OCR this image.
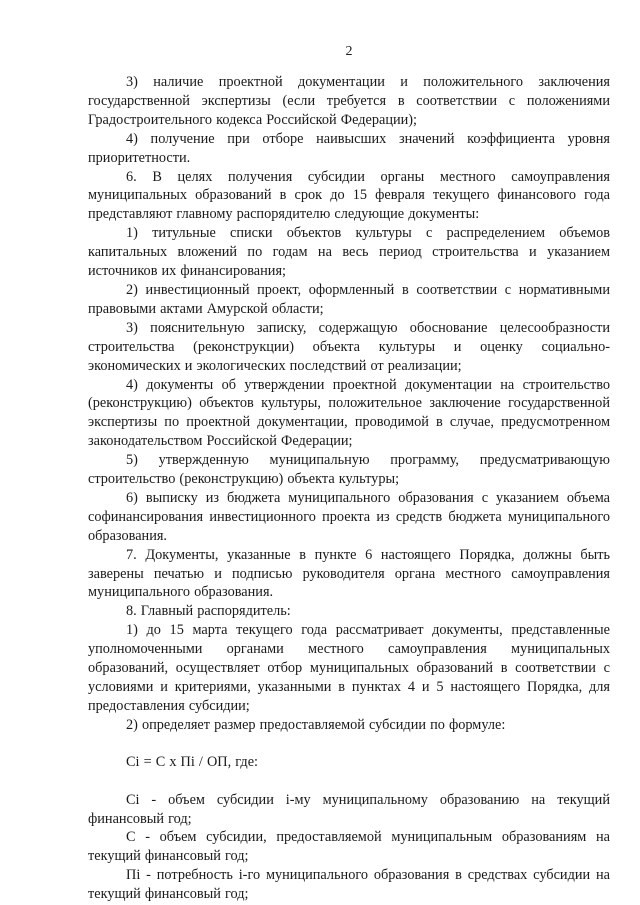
2

3) наличие проектной документации и положительного заключения государственной экспертизы (если требуется в соответствии с положениями Градостроительного кодекса Российской Федерации);

4) получение при отборе наивысших значений коэффициента уровня приоритетности.

6. В целях получения субсидии органы местного самоуправления муниципальных образований в срок до 15 февраля текущего финансового года представляют главному распорядителю следующие документы:

1) титульные списки объектов культуры с распределением объемов капитальных вложений по годам на весь период строительства и указанием источников их финансирования;

2) инвестиционный проект, оформленный в соответствии с нормативными правовыми актами Амурской области;

3) пояснительную записку, содержащую обоснование целесообразности строительства (реконструкции) объекта культуры и оценку социально-экономических и экологических последствий от реализации;

4) документы об утверждении проектной документации на строительство (реконструкцию) объектов культуры, положительное заключение государственной экспертизы по проектной документации, проводимой в случае, предусмотренном законодательством Российской Федерации;

5) утвержденную муниципальную программу, предусматривающую строительство (реконструкцию) объекта культуры;

6) выписку из бюджета муниципального образования с указанием объема софинансирования инвестиционного проекта из средств бюджета муниципального образования.

7. Документы, указанные в пункте 6 настоящего Порядка, должны быть заверены печатью и подписью руководителя органа местного самоуправления муниципального образования.

8. Главный распорядитель:

1) до 15 марта текущего года рассматривает документы, представленные уполномоченными органами местного самоуправления муниципальных образований, осуществляет отбор муниципальных образований в соответствии с условиями и критериями, указанными в пунктах 4 и 5 настоящего Порядка, для предоставления субсидии;

2) определяет размер предоставляемой субсидии по формуле:

Ci = C x Пi / ОП, где:

Ci - объем субсидии i-му муниципальному образованию на текущий финансовый год;

С - объем субсидии, предоставляемой муниципальным образованиям на текущий финансовый год;

Пi - потребность i-го муниципального образования в средствах субсидии на текущий финансовый год;
